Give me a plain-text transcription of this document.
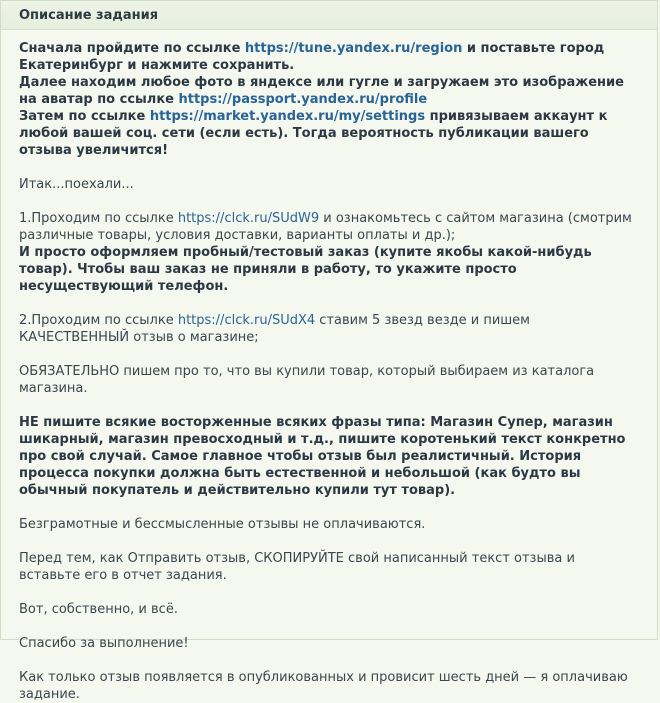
Описание задания

Сначала пройдите по ссылке https://tune.yandex.ru/region и поставьте город Екатеринбург и нажмите сохранить.

Далее находим любое фото в яндексе или гугле и загружаем это изображение на аватар по ссылке https://passport.yandex.ru/profile

Затем по ссылке https://market.yandex.ru/my/settings привязываем аккаунт к любой вашей соц. сети (если есть). Тогда вероятность публикации вашего отзыва увеличится!

Итак...поехали...

1.Проходим по ссылке https://clck.ru/SUdW9 и ознакомьтесь с сайтом магазина (смотрим различные товары, условия доставки, варианты оплаты и др.);

И просто оформляем пробный/тестовый заказ (купите якобы какой-нибудь товар). Чтобы ваш заказ не приняли в работу, то укажите просто несуществующий телефон.

2.Проходим по ссылке https://clck.ru/SUdX4 ставим 5 звезд везде и пишем КАЧЕСТВЕННЫЙ отзыв о магазине;

ОБЯЗАТЕЛЬНО пишем про то, что вы купили товар, который выбираем из каталога магазина.

НЕ пишите всякие восторженные всяких фразы типа: Магазин Супер, магазин шикарный, магазин превосходный и т.д., пишите коротенький текст конкретно про свой случай. Самое главное чтобы отзыв был реалистичный. История процесса покупки должна быть естественной и небольшой (как будто вы обычный покупатель и действительно купили тут товар).

Безграмотные и бессмысленные отзывы не оплачиваются.

Перед тем, как Отправить отзыв, СКОПИРУЙТЕ свой написанный текст отзыва и вставьте его в отчет задания.

Вот, собственно, и всё.

Спасибо за выполнение!

Как только отзыв появляется в опубликованных и провисит шесть дней — я оплачиваю задание.
